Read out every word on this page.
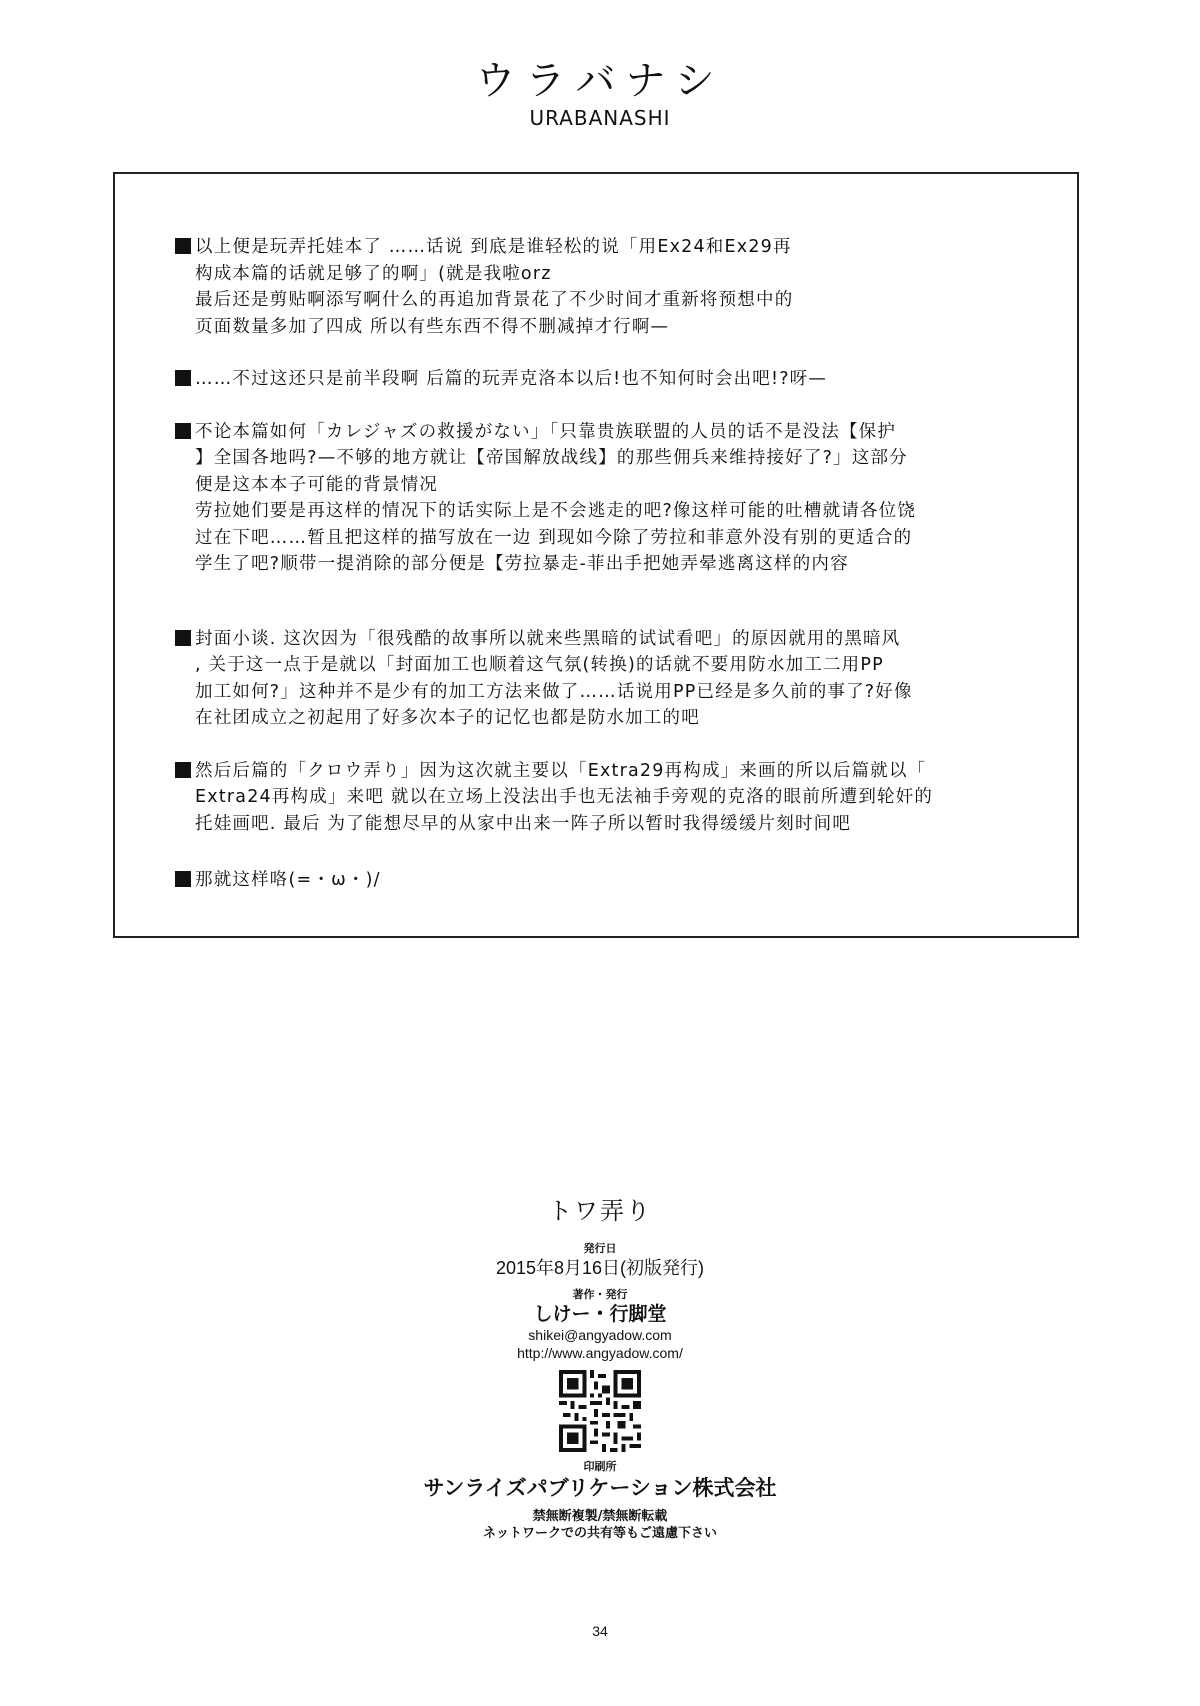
ウラバナシ
URABANASHI
以上便是玩弄托娃本了 ……话说 到底是谁轻松的说「用Ex24和Ex29再
构成本篇的话就足够了的啊」(就是我啦orz
最后还是剪贴啊添写啊什么的再追加背景花了不少时间才重新将预想中的
页面数量多加了四成 所以有些东西不得不删减掉才行啊—
……不过这还只是前半段啊 后篇的玩弄克洛本以后!也不知何时会出吧!?呀—
不论本篇如何「カレジャズの救援がない」「只靠贵族联盟的人员的话不是没法【保护
】全国各地吗?—不够的地方就让【帝国解放战线】的那些佣兵来维持接好了?」这部分
便是这本本子可能的背景情况
劳拉她们要是再这样的情况下的话实际上是不会逃走的吧?像这样可能的吐槽就请各位饶
过在下吧……暂且把这样的描写放在一边 到现如今除了劳拉和菲意外没有别的更适合的
学生了吧?顺带一提消除的部分便是【劳拉暴走-菲出手把她弄晕逃离这样的内容
封面小谈. 这次因为「很残酷的故事所以就来些黑暗的试试看吧」的原因就用的黑暗风
, 关于这一点于是就以「封面加工也顺着这气氛(转换)的话就不要用防水加工二用PP
加工如何?」这种并不是少有的加工方法来做了……话说用PP已经是多久前的事了?好像
在社团成立之初起用了好多次本子的记忆也都是防水加工的吧
然后后篇的「クロウ弄り」因为这次就主要以「Extra29再构成」来画的所以后篇就以「
Extra24再构成」来吧 就以在立场上没法出手也无法袖手旁观的克洛的眼前所遭到轮奸的
托娃画吧. 最后 为了能想尽早的从家中出来一阵子所以暂时我得缓缓片刻时间吧
那就这样咯(=・ω・)/
トワ弄り
発行日
2015年8月16日(初版発行)
著作・発行
しけー・行脚堂
shikei@angyadow.com
http://www.angyadow.com/
印刷所
サンライズパブリケーション株式会社
禁無断複製/禁無断転載
ネットワークでの共有等もご遠慮下さい
34
